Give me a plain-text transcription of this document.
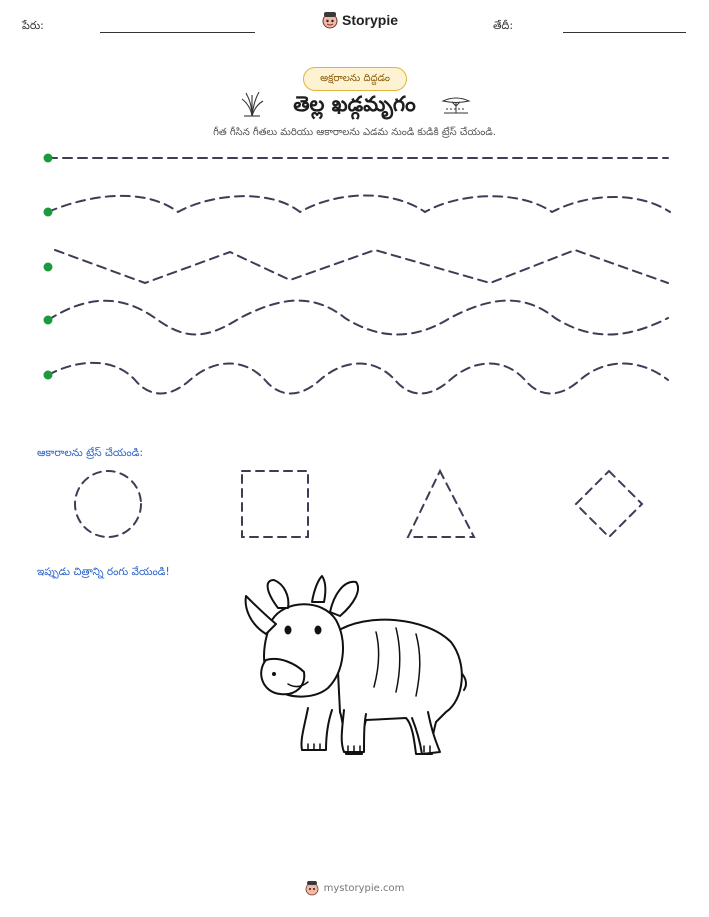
పేరు:	Storypie	తేదీ:
అక్షరాలను దిద్దడం
తెల్ల ఖడ్గమృగం
గీత గీసిన గీతలు మరియు ఆకారాలను ఎడమ నుండి కుడికి ట్రేస్ చేయండి.
ఆకారాలను ట్రేస్ చేయండి:
ఇప్పుడు చిత్రాన్ని రంగు వేయండి!
mystorypie.com
